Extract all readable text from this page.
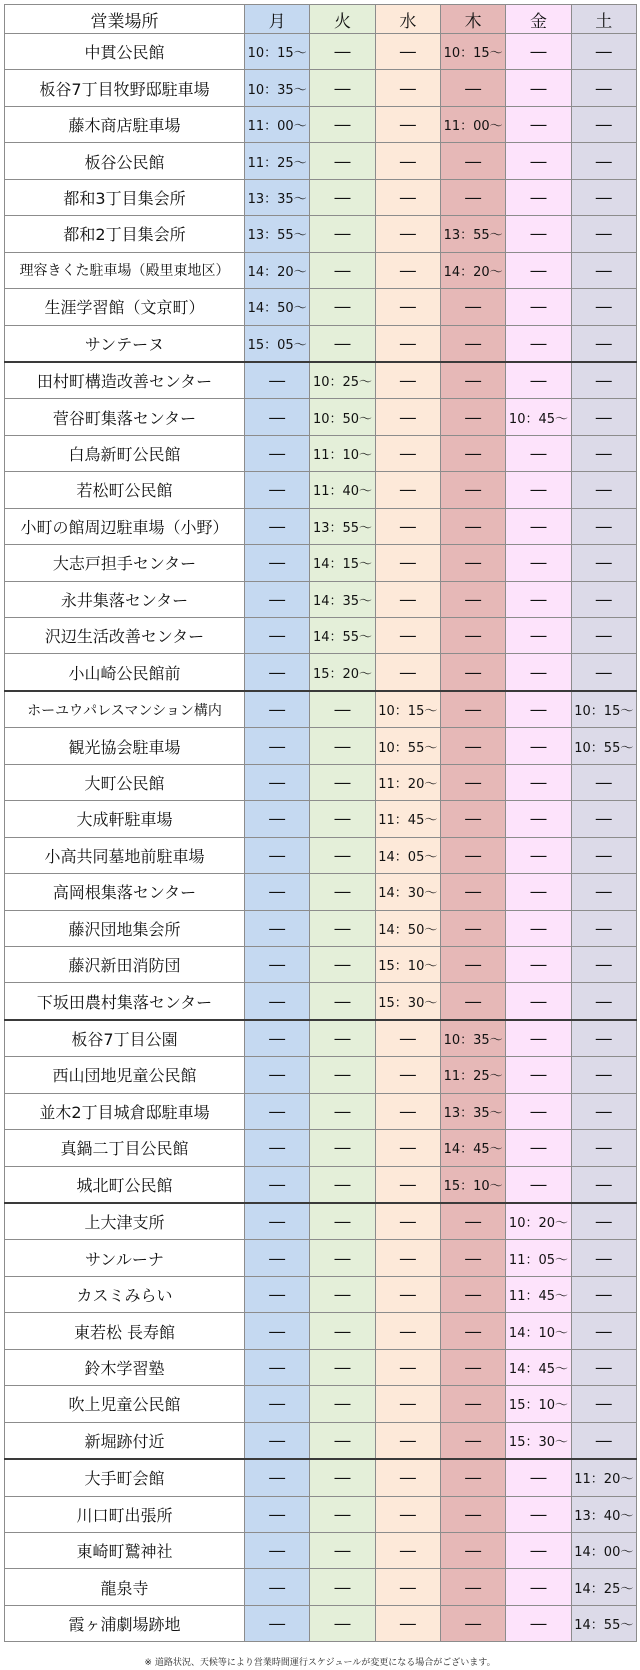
営業場所	月	火	水	木	金	土
中貫公民館	10：15～	―	―	10：15～	―	―
板谷7丁目牧野邸駐車場	10：35～	―	―	―	―	―
藤木商店駐車場	11：00～	―	―	11：00～	―	―
板谷公民館	11：25～	―	―	―	―	―
都和3丁目集会所	13：35～	―	―	―	―	―
都和2丁目集会所	13：55～	―	―	13：55～	―	―
理容きくた駐車場（殿里東地区）	14：20～	―	―	14：20～	―	―
生涯学習館（文京町）	14：50～	―	―	―	―	―
サンテーヌ	15：05～	―	―	―	―	―
田村町構造改善センター	―	10：25～	―	―	―	―
菅谷町集落センター	―	10：50～	―	―	10：45～	―
白鳥新町公民館	―	11：10～	―	―	―	―
若松町公民館	―	11：40～	―	―	―	―
小町の館周辺駐車場（小野）	―	13：55～	―	―	―	―
大志戸担手センター	―	14：15～	―	―	―	―
永井集落センター	―	14：35～	―	―	―	―
沢辺生活改善センター	―	14：55～	―	―	―	―
小山崎公民館前	―	15：20～	―	―	―	―
ホーユウパレスマンション構内	―	―	10：15～	―	―	10：15～
観光協会駐車場	―	―	10：55～	―	―	10：55～
大町公民館	―	―	11：20～	―	―	―
大成軒駐車場	―	―	11：45～	―	―	―
小高共同墓地前駐車場	―	―	14：05～	―	―	―
高岡根集落センター	―	―	14：30～	―	―	―
藤沢団地集会所	―	―	14：50～	―	―	―
藤沢新田消防団	―	―	15：10～	―	―	―
下坂田農村集落センター	―	―	15：30～	―	―	―
板谷7丁目公園	―	―	―	10：35～	―	―
西山団地児童公民館	―	―	―	11：25～	―	―
並木2丁目城倉邸駐車場	―	―	―	13：35～	―	―
真鍋二丁目公民館	―	―	―	14：45～	―	―
城北町公民館	―	―	―	15：10～	―	―
上大津支所	―	―	―	―	10：20～	―
サンルーナ	―	―	―	―	11：05～	―
カスミみらい	―	―	―	―	11：45～	―
東若松 長寿館	―	―	―	―	14：10～	―
鈴木学習塾	―	―	―	―	14：45～	―
吹上児童公民館	―	―	―	―	15：10～	―
新堀跡付近	―	―	―	―	15：30～	―
大手町会館	―	―	―	―	―	11：20～
川口町出張所	―	―	―	―	―	13：40～
東崎町鷲神社	―	―	―	―	―	14：00～
龍泉寺	―	―	―	―	―	14：25～
霞ヶ浦劇場跡地	―	―	―	―	―	14：55～
※ 道路状況、天候等により営業時間運行スケジュールが変更になる場合がございます。
